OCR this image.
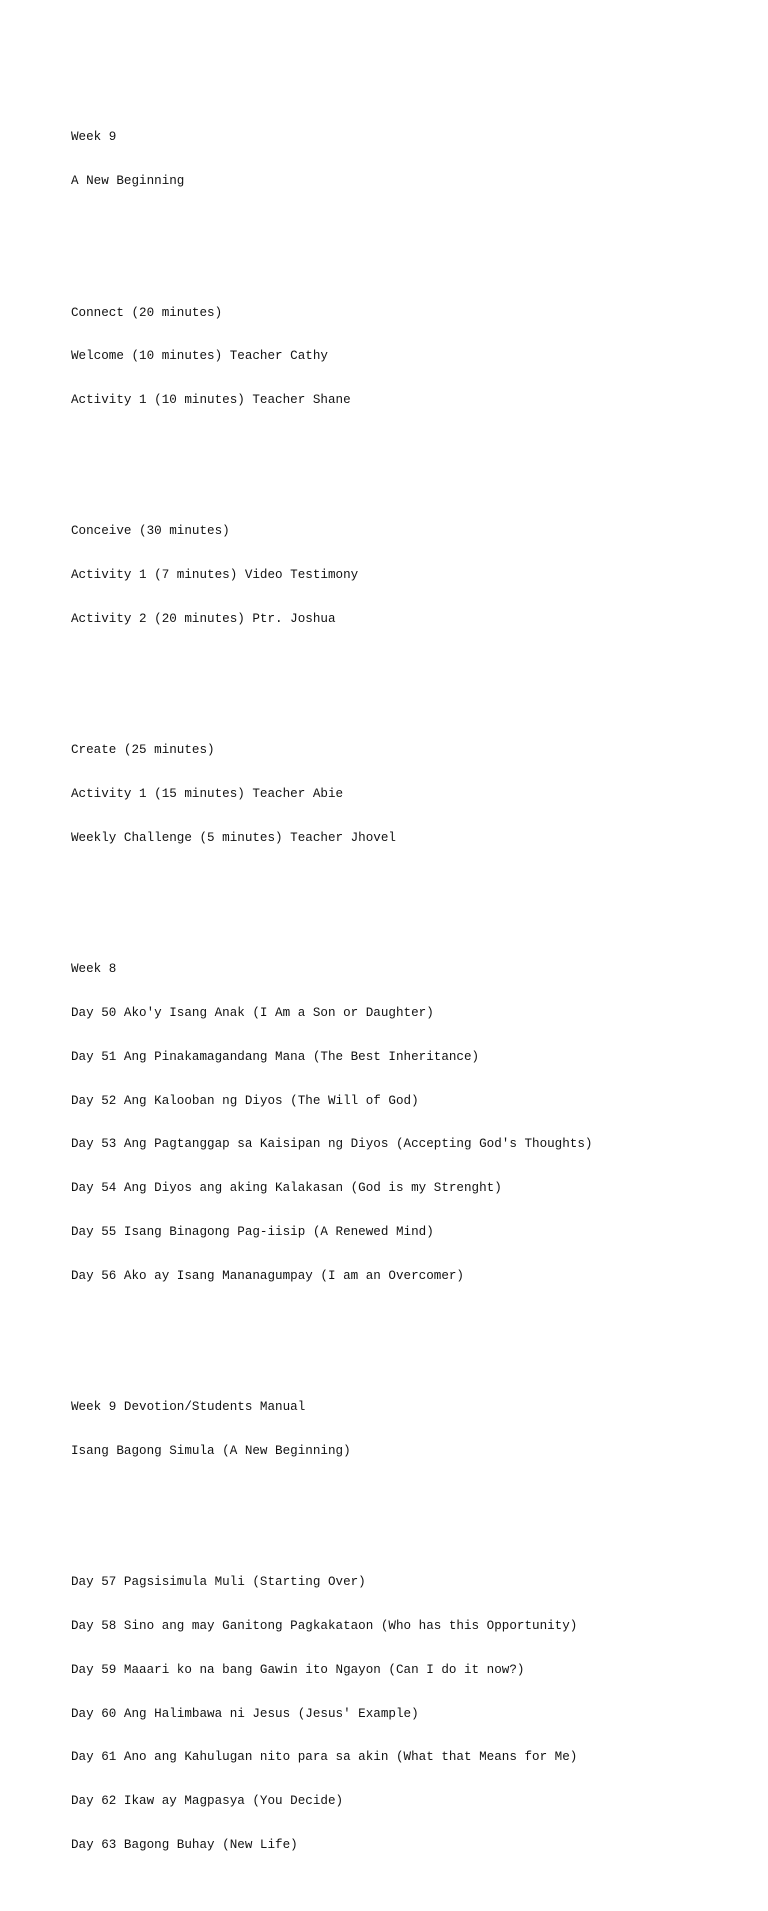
Week 9

A New Beginning

Connect (20 minutes)

Welcome (10 minutes) Teacher Cathy

Activity 1 (10 minutes) Teacher Shane

Conceive (30 minutes)

Activity 1 (7 minutes) Video Testimony

Activity 2 (20 minutes) Ptr. Joshua

Create (25 minutes)

Activity 1 (15 minutes) Teacher Abie

Weekly Challenge (5 minutes) Teacher Jhovel

Week 8

Day 50 Ako'y Isang Anak (I Am a Son or Daughter)

Day 51 Ang Pinakamagandang Mana (The Best Inheritance)

Day 52 Ang Kalooban ng Diyos (The Will of God)

Day 53 Ang Pagtanggap sa Kaisipan ng Diyos (Accepting God's Thoughts)

Day 54 Ang Diyos ang aking Kalakasan (God is my Strenght)

Day 55 Isang Binagong Pag-iisip (A Renewed Mind)

Day 56 Ako ay Isang Mananagumpay (I am an Overcomer)

Week 9 Devotion/Students Manual

Isang Bagong Simula (A New Beginning)

Day 57 Pagsisimula Muli (Starting Over)

Day 58 Sino ang may Ganitong Pagkakataon (Who has this Opportunity)

Day 59 Maaari ko na bang Gawin ito Ngayon (Can I do it now?)

Day 60 Ang Halimbawa ni Jesus (Jesus' Example)

Day 61 Ano ang Kahulugan nito para sa akin (What that Means for Me)

Day 62 Ikaw ay Magpasya (You Decide)

Day 63 Bagong Buhay (New Life)
